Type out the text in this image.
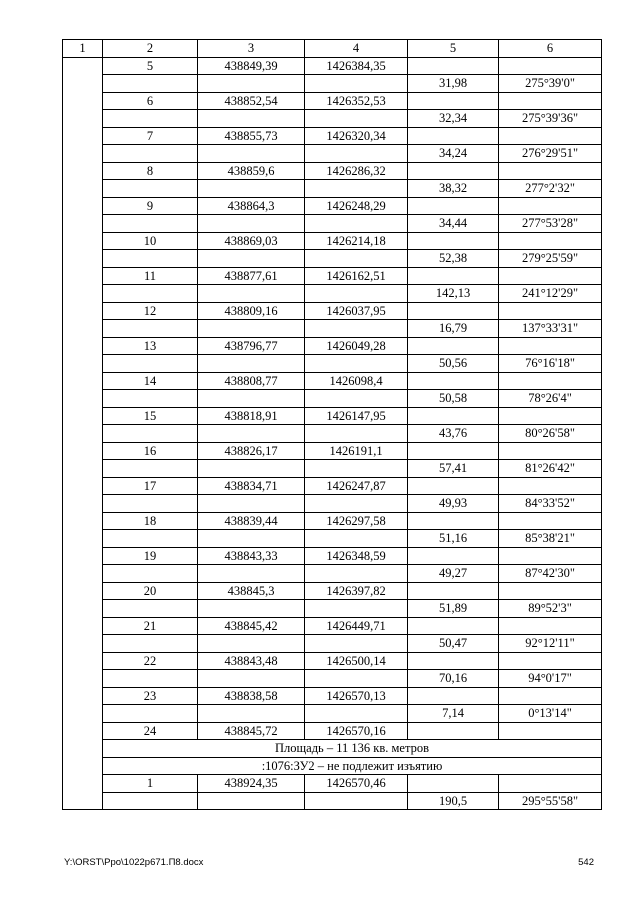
1	2	3	4	5	6
	5	438849,39	1426384,35		
				31,98	275°39'0"
	6	438852,54	1426352,53		
				32,34	275°39'36"
	7	438855,73	1426320,34		
				34,24	276°29'51"
	8	438859,6	1426286,32		
				38,32	277°2'32"
	9	438864,3	1426248,29		
				34,44	277°53'28"
	10	438869,03	1426214,18		
				52,38	279°25'59"
	11	438877,61	1426162,51		
				142,13	241°12'29"
	12	438809,16	1426037,95		
				16,79	137°33'31"
	13	438796,77	1426049,28		
				50,56	76°16'18"
	14	438808,77	1426098,4		
				50,58	78°26'4"
	15	438818,91	1426147,95		
				43,76	80°26'58"
	16	438826,17	1426191,1		
				57,41	81°26'42"
	17	438834,71	1426247,87		
				49,93	84°33'52"
	18	438839,44	1426297,58		
				51,16	85°38'21"
	19	438843,33	1426348,59		
				49,27	87°42'30"
	20	438845,3	1426397,82		
				51,89	89°52'3"
	21	438845,42	1426449,71		
				50,47	92°12'11"
	22	438843,48	1426500,14		
				70,16	94°0'17"
	23	438838,58	1426570,13		
				7,14	0°13'14"
	24	438845,72	1426570,16		
	Площадь – 11 136 кв. метров				
	:1076:ЗУ2 – не подлежит изъятию				
	1	438924,35	1426570,46		
				190,5	295°55'58"
Y:\ORST\Ppo\1022p671.П8.docx	542
